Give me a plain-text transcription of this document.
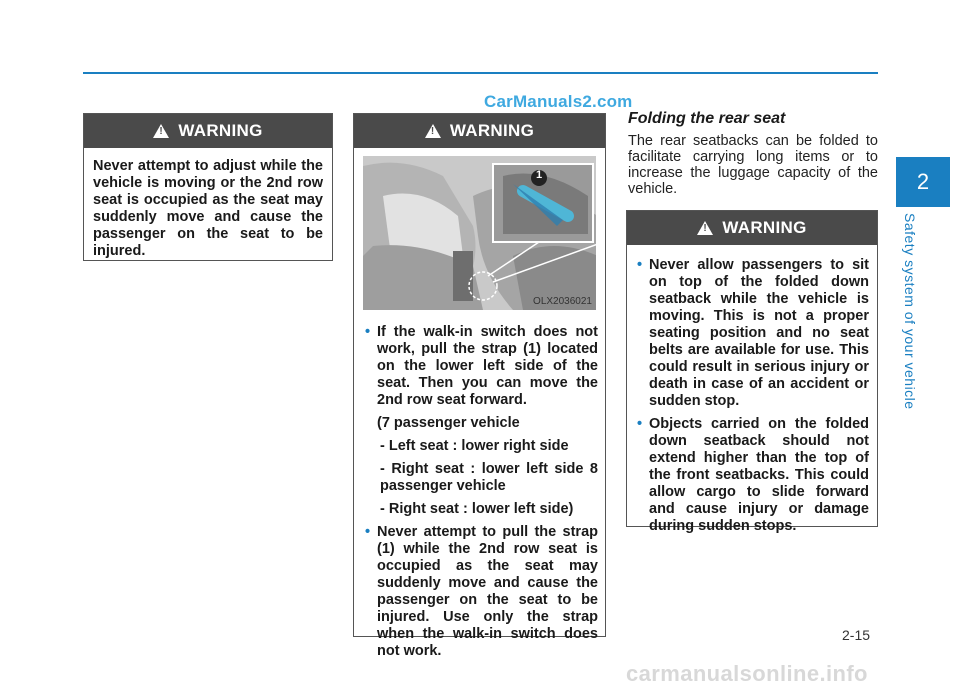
CarManuals2.com
!
WARNING
Never attempt to adjust while the vehicle is moving or the 2nd row seat is occupied as the seat may suddenly move and cause the passenger on the seat to be injured.
!
WARNING
1
OLX2036021
• If the walk-in switch does not work, pull the strap (1) located on the lower left side of the seat. Then you can move the 2nd row seat forward.
(7 passenger vehicle
- Left seat : lower right side
- Right seat : lower left side 8 passenger vehicle
- Right seat : lower left side)
• Never attempt to pull the strap (1) while the 2nd row seat is occupied as the seat may suddenly move and cause the passenger on the seat to be injured. Use only the strap when the walk-in switch does not work.
Folding the rear seat
The rear seatbacks can be folded to facilitate carrying long items or to increase the luggage capacity of the vehicle.
!
WARNING
• Never allow passengers to sit on top of the folded down seatback while the vehicle is moving. This is not a proper seating position and no seat belts are available for use. This could result in serious injury or death in case of an accident or sudden stop.
• Objects carried on the folded down seatback should not extend higher than the top of the front seatbacks. This could allow cargo to slide forward and cause injury or damage during sudden stops.
2
Safety system of your vehicle
2-15
carmanualsonline.info
